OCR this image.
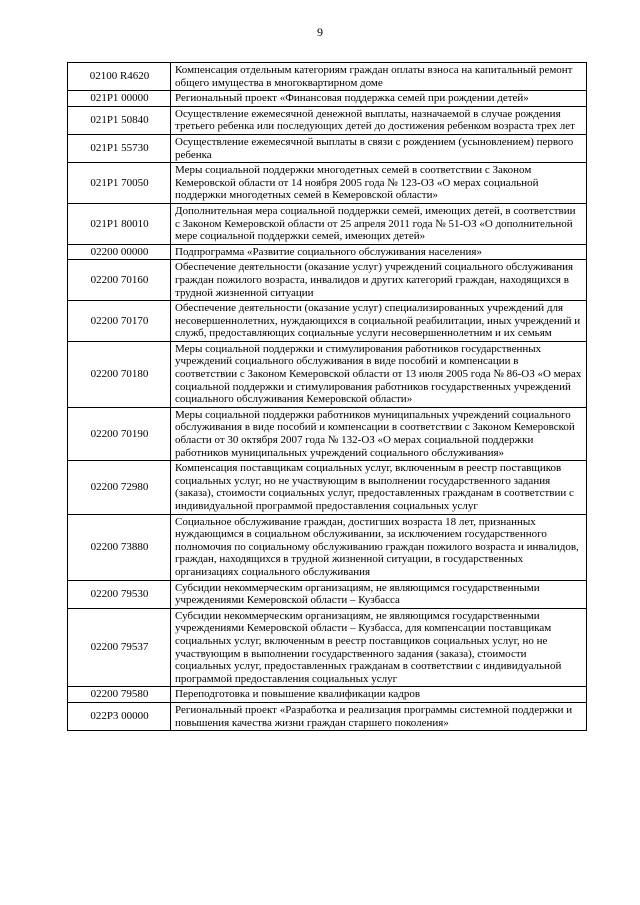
9
02100 R4620	Компенсация отдельным категориям граждан оплаты взноса на капитальный ремонт общего имущества в многоквартирном доме
021P1 00000	Региональный проект «Финансовая поддержка семей при рождении детей»
021P1 50840	Осуществление ежемесячной денежной выплаты, назначаемой в случае рождения третьего ребенка или последующих детей до достижения ребенком возраста трех лет
021P1 55730	Осуществление ежемесячной выплаты в связи с рождением (усыновлением) первого ребенка
021P1 70050	Меры социальной поддержки многодетных семей в соответствии с Законом Кемеровской области от 14 ноября 2005 года № 123-ОЗ «О мерах социальной поддержки многодетных семей в Кемеровской области»
021P1 80010	Дополнительная мера социальной поддержки семей, имеющих детей, в соответствии с Законом Кемеровской области от 25 апреля 2011 года № 51-ОЗ «О дополнительной мере социальной поддержки семей, имеющих детей»
02200 00000	Подпрограмма «Развитие социального обслуживания населения»
02200 70160	Обеспечение деятельности (оказание услуг) учреждений социального обслуживания граждан пожилого возраста, инвалидов и других категорий граждан, находящихся в трудной жизненной ситуации
02200 70170	Обеспечение деятельности (оказание услуг) специализированных учреждений для несовершеннолетних, нуждающихся в социальной реабилитации, иных учреждений и служб, предоставляющих социальные услуги несовершеннолетним и их семьям
02200 70180	Меры социальной поддержки и стимулирования работников государственных учреждений социального обслуживания в виде пособий и компенсации в соответствии с Законом Кемеровской области от 13 июля 2005 года № 86-ОЗ «О мерах социальной поддержки и стимулирования работников государственных учреждений социального обслуживания Кемеровской области»
02200 70190	Меры социальной поддержки работников муниципальных учреждений социального обслуживания в виде пособий и компенсации в соответствии с Законом Кемеровской области от 30 октября 2007 года № 132-ОЗ «О мерах социальной поддержки работников муниципальных учреждений социального обслуживания»
02200 72980	Компенсация поставщикам социальных услуг, включенным в реестр поставщиков социальных услуг, но не участвующим в выполнении государственного задания (заказа), стоимости социальных услуг, предоставленных гражданам в соответствии с индивидуальной программой предоставления социальных услуг
02200 73880	Социальное обслуживание граждан, достигших возраста 18 лет, признанных нуждающимся в социальном обслуживании, за исключением государственного полномочия по социальному обслуживанию граждан пожилого возраста и инвалидов, граждан, находящихся в трудной жизненной ситуации, в государственных организациях социального обслуживания
02200 79530	Субсидии некоммерческим организациям, не являющимся государственными учреждениями Кемеровской области – Кузбасса
02200 79537	Субсидии некоммерческим организациям, не являющимся государственными учреждениями Кемеровской области – Кузбасса, для компенсации поставщикам социальных услуг, включенным в реестр поставщиков социальных услуг, но не участвующим в выполнении государственного задания (заказа), стоимости социальных услуг, предоставленных гражданам в соответствии с индивидуальной программой предоставления социальных услуг
02200 79580	Переподготовка и повышение квалификации кадров
022P3 00000	Региональный проект «Разработка и реализация программы системной поддержки и повышения качества жизни граждан старшего поколения»
